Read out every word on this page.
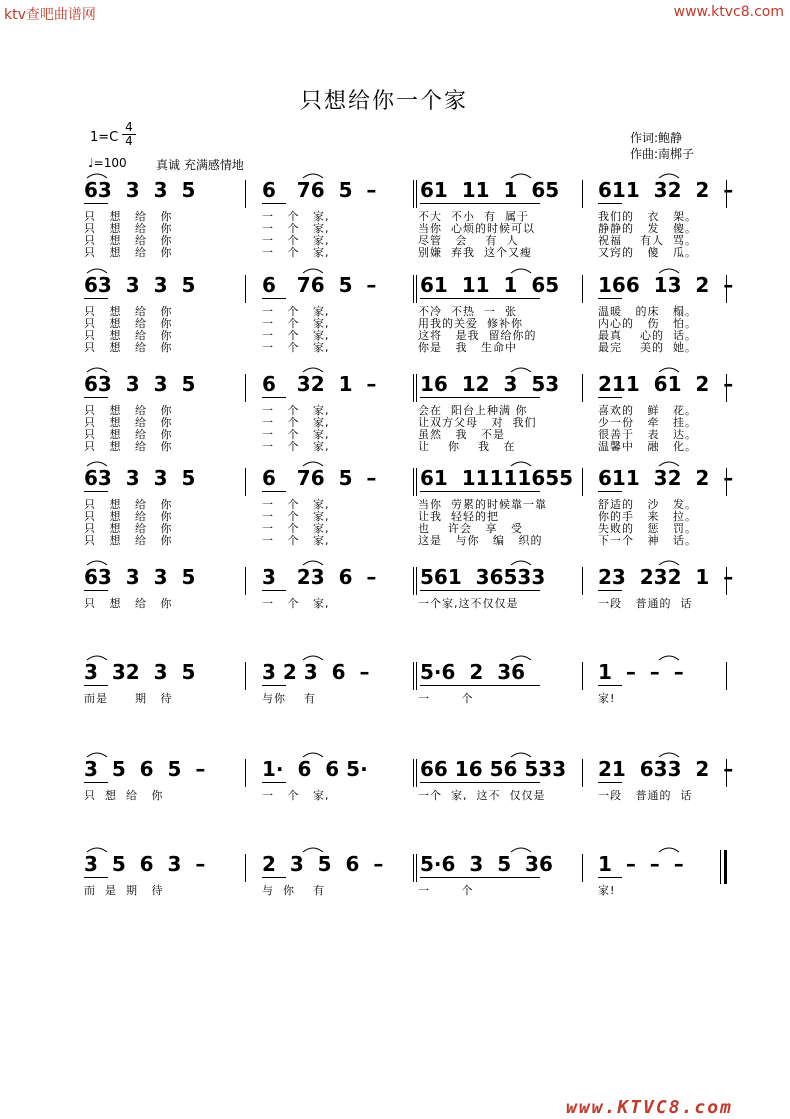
ktv查吧曲谱网	www.ktvc8.com
只想给你一个家
1=C
4
4
♩=100 真诚 充满感情地
作词:鲍静
作曲:南梆子
63  3  3  5	6   76  5  – 61  11  1  65 611  32  2  –
只   想   给   你	一   个   家,	不大  不小  有  属于	我们的   衣   架。
只   想   给   你	一   个   家,	当你  心烦的时候可以	静静的   发   傻。
只   想   给   你	一   个   家,	尽管   会    有  人	祝福    有人  骂。
只   想   给   你	一   个   家,	别嫌  弃我  这个又瘦	又窍的   傻   瓜。
63  3  3  5	6   76  5  – 61  11  1  65 166  13  2  –
只   想   给   你	一   个   家,	不冷  不热  一  张	温暖   的床   榻。
只   想   给   你	一   个   家,	用我的关爱  修补你	内心的   伤   怕。
只   想   给   你	一   个   家,	这将   是我  留给你的	最真    心的  话。
只   想   给   你	一   个   家,	你是   我   生命中	最完    美的  她。
63  3  3  5	6   32  1  – 16  12  3  53 211  61  2  –
只   想   给   你	一   个   家,	会在  阳台上种满 你	喜欢的   鲜   花。
只   想   给   你	一   个   家,	让双方父母   对  我们	少一份   牵   挂。
只   想   给   你	一   个   家,	虽然   我   不是	很善于   表   达。
只   想   给   你	一   个   家,	让    你    我   在	温馨中   融   化。
63  3  3  5	6   76  5  – 61  11111655 611  32  2  –
只   想   给   你	一   个   家,	当你  劳累的时候靠一靠	舒适的   沙   发。
只   想   给   你	一   个   家,	让我  轻轻的把	你的手   来   拉。
只   想   给   你	一   个   家,	也    许会   享   受	失败的   惩   罚。
只   想   给   你	一   个   家,	这是   与你   编   织的	下一个   神   话。
63  3  3  5	3   23  6  – 561  36533	23  232  1  –
只   想   给   你	一   个   家,	一个家,这不仅仅是	一段   普通的  话
3  32  3  5	3 2 3  6  –	5·6  2  36	1  –  –  –
而是      期   待	与你    有	一       个	家!
3  5  6  5  –	1·  6  6 5·	66 16 56 533 21  633  2  –
只  想  给   你	一   个   家,	一个  家,  这不  仅仅是	一段   普通的  话
3  5  6  3  –	2  3  5  6  – 5·6  3  5  36 1  –  –  –
而  是  期   待	与  你    有	一       个	家!
www.KTVC8.com
